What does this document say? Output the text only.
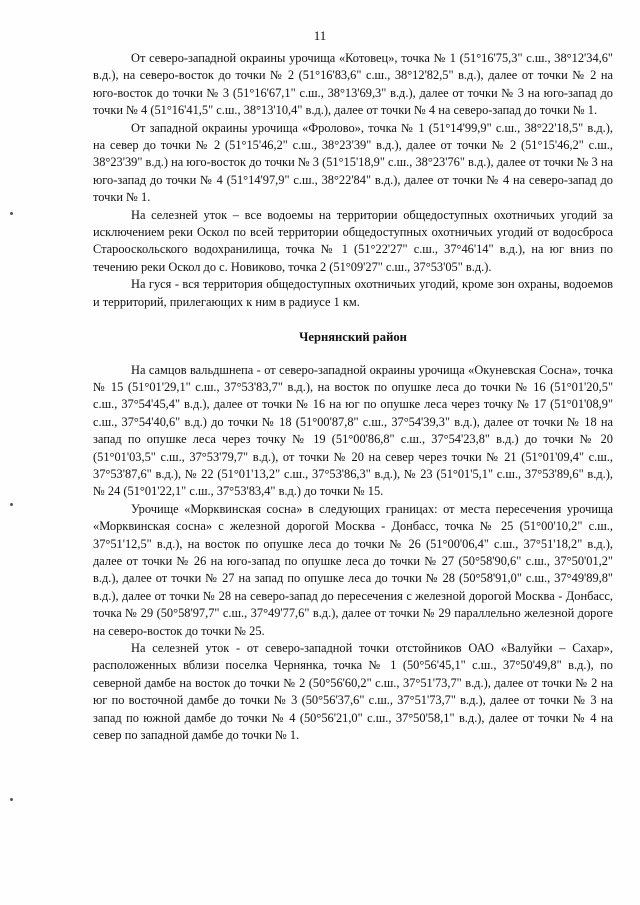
11

От северо-западной окраины урочища «Котовец», точка № 1 (51°16'75,3" с.ш., 38°12'34,6" в.д.), на северо-восток до точки № 2 (51°16'83,6" с.ш., 38°12'82,5" в.д.), далее от точки № 2 на юго-восток до точки № 3 (51°16'67,1" с.ш., 38°13'69,3" в.д.), далее от точки № 3 на юго-запад до точки № 4 (51°16'41,5" с.ш., 38°13'10,4" в.д.), далее от точки № 4 на северо-запад до точки № 1.

От западной окраины урочища «Фролово», точка № 1 (51°14'99,9" с.ш., 38°22'18,5" в.д.), на север до точки № 2 (51°15'46,2" с.ш., 38°23'39" в.д.), далее от точки № 2 (51°15'46,2" с.ш., 38°23'39" в.д.) на юго-восток до точки № 3 (51°15'18,9" с.ш., 38°23'76" в.д.), далее от точки № 3 на юго-запад до точки № 4 (51°14'97,9" с.ш., 38°22'84" в.д.), далее от точки № 4 на северо-запад до точки № 1.

На селезней уток – все водоемы на территории общедоступных охотничьих угодий за исключением реки Оскол по всей территории общедоступных охотничьих угодий от водосброса Старооскольского водохранилища, точка № 1 (51°22'27" с.ш., 37°46'14" в.д.), на юг вниз по течению реки Оскол до с. Новиково, точка 2 (51°09'27" с.ш., 37°53'05" в.д.).

На гуся - вся территория общедоступных охотничьих угодий, кроме зон охраны, водоемов и территорий, прилегающих к ним в радиусе 1 км.

Чернянский район

На самцов вальдшнепа - от северо-западной окраины урочища «Окуневская Сосна», точка № 15 (51°01'29,1" с.ш., 37°53'83,7" в.д.), на восток по опушке леса до точки № 16 (51°01'20,5" с.ш., 37°54'45,4" в.д.), далее от точки № 16 на юг по опушке леса через точку № 17 (51°01'08,9" с.ш., 37°54'40,6" в.д.) до точки № 18 (51°00'87,8" с.ш., 37°54'39,3" в.д.), далее от точки № 18 на запад по опушке леса через точку № 19 (51°00'86,8" с.ш., 37°54'23,8" в.д.) до точки № 20 (51°01'03,5" с.ш., 37°53'79,7" в.д.), от точки № 20 на север через точки № 21 (51°01'09,4" с.ш., 37°53'87,6" в.д.), № 22 (51°01'13,2" с.ш., 37°53'86,3" в.д.), № 23 (51°01'5,1" с.ш., 37°53'89,6" в.д.), № 24 (51°01'22,1" с.ш., 37°53'83,4" в.д.) до точки № 15.

Урочище «Морквинская сосна» в следующих границах: от места пересечения урочища «Морквинская сосна» с железной дорогой Москва - Донбасс, точка № 25 (51°00'10,2" с.ш., 37°51'12,5" в.д.), на восток по опушке леса до точки № 26 (51°00'06,4" с.ш., 37°51'18,2" в.д.), далее от точки № 26 на юго-запад по опушке леса до точки № 27 (50°58'90,6" с.ш., 37°50'01,2" в.д.), далее от точки № 27 на запад по опушке леса до точки № 28 (50°58'91,0" с.ш., 37°49'89,8" в.д.), далее от точки № 28 на северо-запад до пересечения с железной дорогой Москва - Донбасс, точка № 29 (50°58'97,7" с.ш., 37°49'77,6" в.д.), далее от точки № 29 параллельно железной дороге на северо-восток до точки № 25.

На селезней уток - от северо-западной точки отстойников ОАО «Валуйки – Сахар», расположенных вблизи поселка Чернянка, точка № 1 (50°56'45,1" с.ш., 37°50'49,8" в.д.), по северной дамбе на восток до точки № 2 (50°56'60,2" с.ш., 37°51'73,7" в.д.), далее от точки № 2 на юг по восточной дамбе до точки № 3 (50°56'37,6" с.ш., 37°51'73,7" в.д.), далее от точки № 3 на запад по южной дамбе до точки № 4 (50°56'21,0" с.ш., 37°50'58,1" в.д.), далее от точки № 4 на север по западной дамбе до точки № 1.
